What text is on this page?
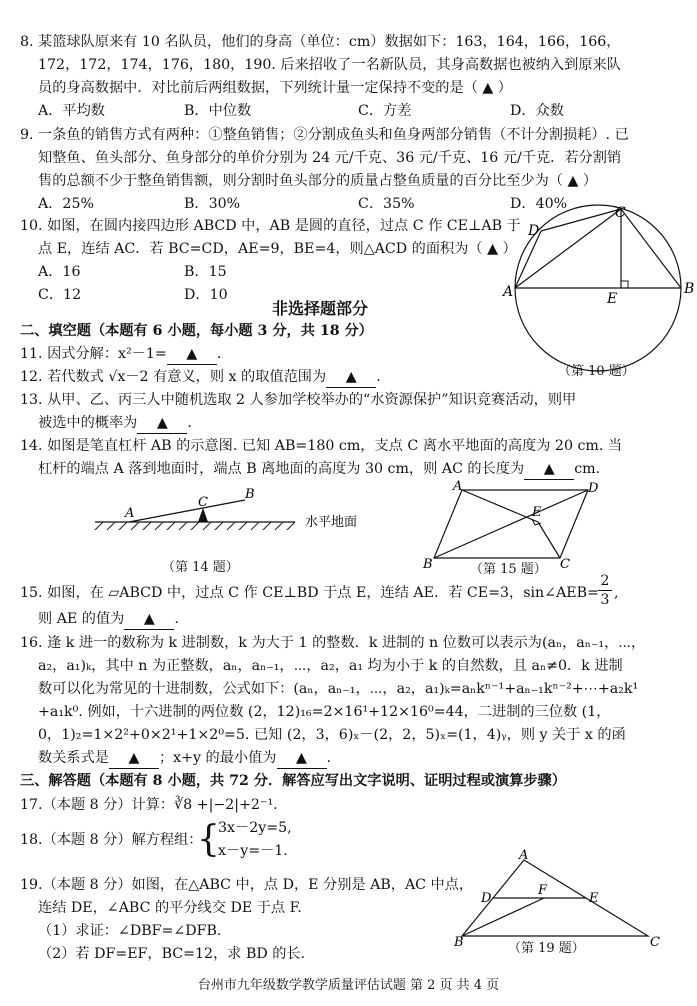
8. 某篮球队原来有 10 名队员，他们的身高（单位：cm）数据如下：163，164，166，166，
172，172，174，176，180，190. 后来招收了一名新队员，其身高数据也被纳入到原来队
员的身高数据中．对比前后两组数据，下列统计量一定保持不变的是（ ▲ ）
A．平均数	B．中位数	C．方差	D．众数
9. 一条鱼的销售方式有两种：①整鱼销售；②分割成鱼头和鱼身两部分销售（不计分割损耗）. 已
知整鱼、鱼头部分、鱼身部分的单价分别为 24 元/千克、36 元/千克、16 元/千克．若分割销
售的总额不少于整鱼销售额，则分割时鱼头部分的质量占整鱼质量的百分比至少为（ ▲ ）
A．25%	B．30%	C．35%	D．40%
10. 如图，在圆内接四边形 ABCD 中，AB 是圆的直径，过点 C 作 CE⊥AB 于
点 E，连结 AC．若 BC=CD，AE=9，BE=4，则△ACD 的面积为（ ▲ ）
A．16	B．15
C．12	D．10	A	B
C
D
E
（第 10 题）
非选择题部分
二、填空题（本题有 6 小题，每小题 3 分，共 18 分）
11. 因式分解：x²－1= ▲ .
12. 若代数式 √x－2 有意义，则 x 的取值范围为 ▲ .
13. 从甲、乙、丙三人中随机选取 2 人参加学校举办的“水资源保护”知识竞赛活动，则甲
被选中的概率为 ▲ .
14. 如图是笔直杠杆 AB 的示意图. 已知 AB=180 cm，支点 C 离水平地面的高度为 20 cm. 当
杠杆的端点 A 落到地面时，端点 B 离地面的高度为 30 cm，则 AC 的长度为 ▲ cm.
A
C
B
水平地面
（第 14 题）
A	D
E
B	C
（第 15 题）
15. 如图，在 ▱ABCD 中，过点 C 作 CE⊥BD 于点 E，连结 AE．若 CE=3，sin∠AEB= $\frac{2}{3}$ ,
则 AE 的值为 ▲ .
16. 逢 k 进一的数称为 k 进制数，k 为大于 1 的整数．k 进制的 n 位数可以表示为(aₙ，aₙ₋₁，⋯，
a₂，a₁)ₖ，其中 n 为正整数，aₙ，aₙ₋₁，⋯，a₂，a₁ 均为小于 k 的自然数，且 aₙ≠0．k 进制
数可以化为常见的十进制数，公式如下：(aₙ，aₙ₋₁，⋯，a₂，a₁)ₖ=aₙkⁿ⁻¹+aₙ₋₁kⁿ⁻²+⋯+a₂k¹
+a₁k⁰. 例如，十六进制的两位数 (2，12)₁₆=2×16¹+12×16⁰=44，二进制的三位数 (1，
0，1)₂=1×2²+0×2¹+1×2⁰=5. 已知 (2，3，6)ₓ－(2，2，5)ₓ=(1，4)ᵧ，则 y 关于 x 的函
数关系式是 ▲ ；x+y 的最小值为 ▲ .
三、解答题（本题有 8 小题，共 72 分．解答应写出文字说明、证明过程或演算步骤）
17.（本题 8 分）计算：∛8 +|−2|+2⁻¹.
18.（本题 8 分）解方程组：
{
3x－2y=5,
x－y=－1.
19.（本题 8 分）如图，在△ABC 中，点 D，E 分别是 AB，AC 中点，
连结 DE，∠ABC 的平分线交 DE 于点 F.
（1）求证：∠DBF=∠DFB.
（2）若 DF=EF，BC=12，求 BD 的长.
A
D
F
E
B	C
（第 19 题）
台州市九年级数学教学质量评估试题 第 2 页 共 4 页
